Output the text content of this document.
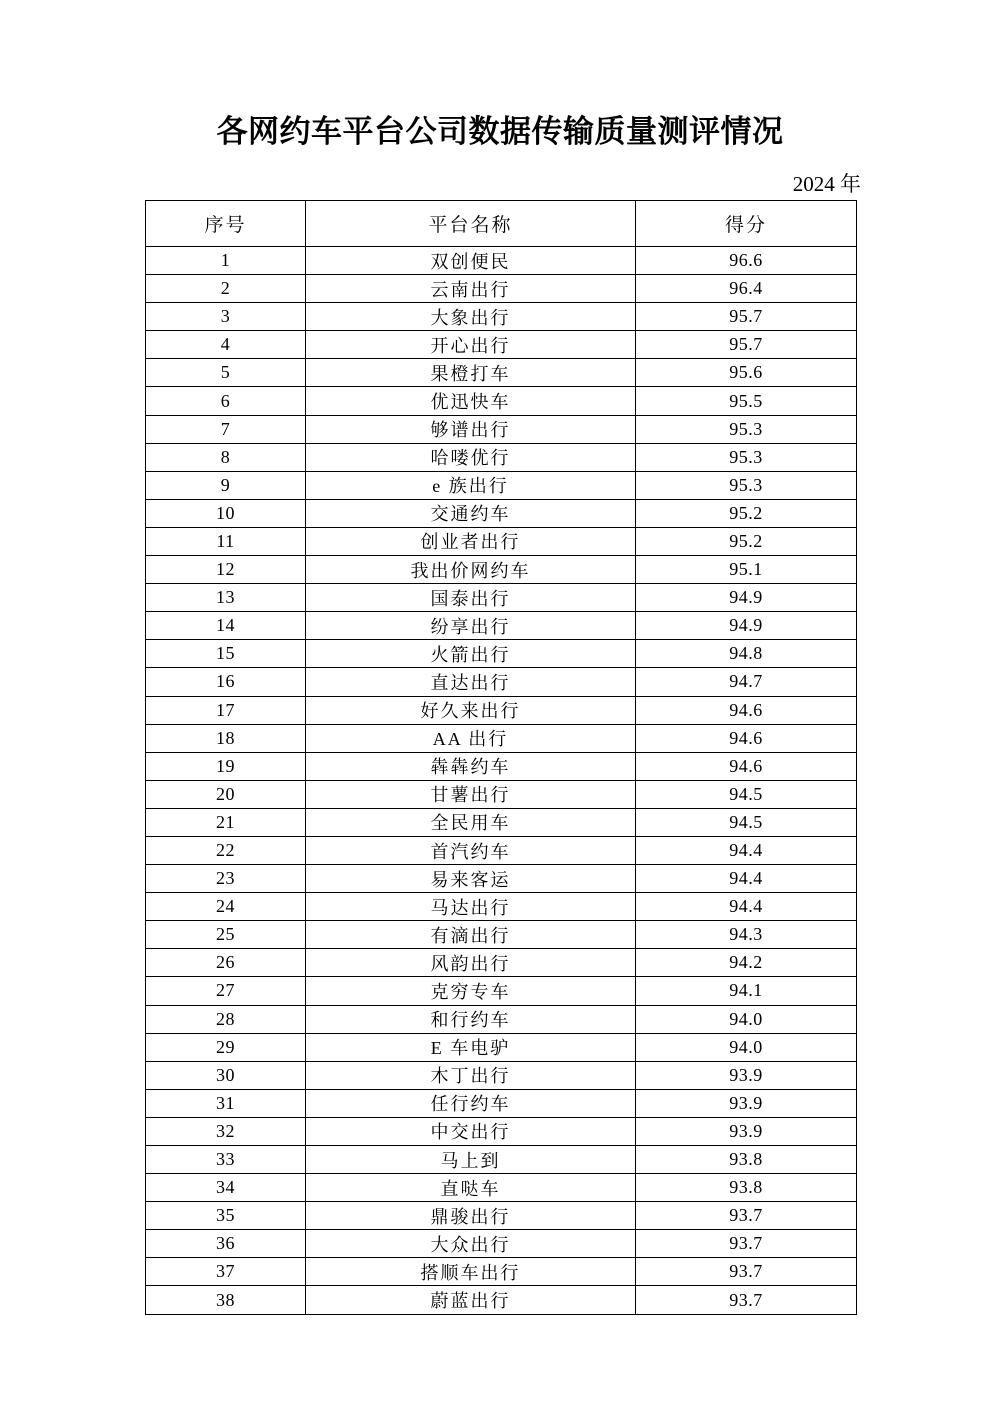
各网约车平台公司数据传输质量测评情况
2024 年
序号	平台名称	得分
1	双创便民	96.6
2	云南出行	96.4
3	大象出行	95.7
4	开心出行	95.7
5	果橙打车	95.6
6	优迅快车	95.5
7	够谱出行	95.3
8	哈喽优行	95.3
9	e 族出行	95.3
10	交通约车	95.2
11	创业者出行	95.2
12	我出价网约车	95.1
13	国泰出行	94.9
14	纷享出行	94.9
15	火箭出行	94.8
16	直达出行	94.7
17	好久来出行	94.6
18	AA 出行	94.6
19	犇犇约车	94.6
20	甘薯出行	94.5
21	全民用车	94.5
22	首汽约车	94.4
23	易来客运	94.4
24	马达出行	94.4
25	有滴出行	94.3
26	风韵出行	94.2
27	克穷专车	94.1
28	和行约车	94.0
29	E 车电驴	94.0
30	木丁出行	93.9
31	任行约车	93.9
32	中交出行	93.9
33	马上到	93.8
34	直哒车	93.8
35	鼎骏出行	93.7
36	大众出行	93.7
37	搭顺车出行	93.7
38	蔚蓝出行	93.7
